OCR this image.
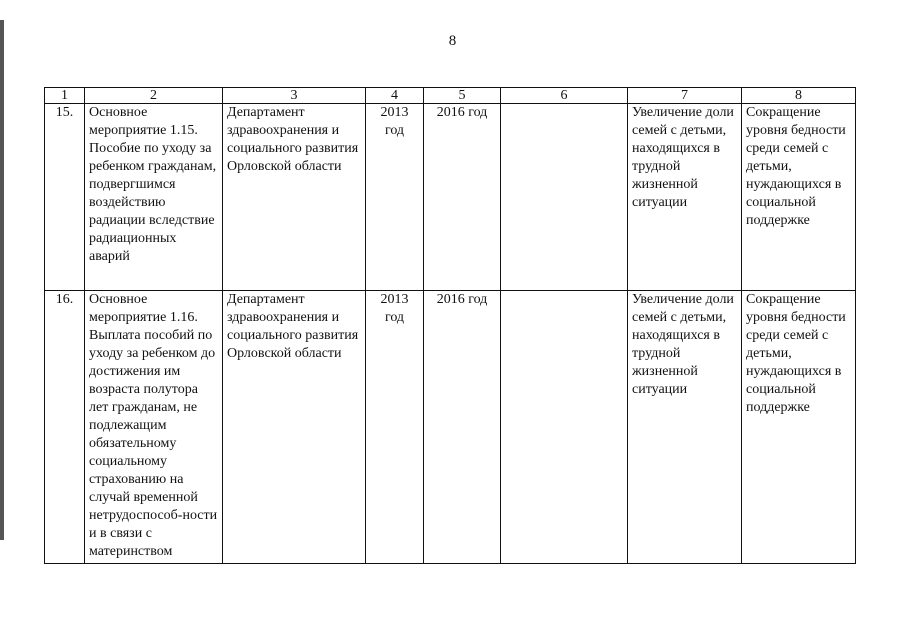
8
1	2	3	4	5	6	7	8
15.	Основное мероприятие 1.15. Пособие по уходу за ребенком гражданам, подвергшимся воздействию радиации вследствие радиационных аварий	Департамент здравоохранения и социального развития Орловской области	2013 год	2016 год		Увеличение доли семей с детьми, находящихся в трудной жизненной ситуации	Сокращение уровня бедности среди семей с детьми, нуждающихся в социальной поддержке
16.	Основное мероприятие 1.16. Выплата пособий по уходу за ребенком до достижения им возраста полутора лет гражданам, не подлежащим обязательному социальному страхованию на случай временной нетрудоспособ-ности и в связи с материнством	Департамент здравоохранения и социального развития Орловской области	2013 год	2016 год		Увеличение доли семей с детьми, находящихся в трудной жизненной ситуации	Сокращение уровня бедности среди семей с детьми, нуждающихся в социальной поддержке
